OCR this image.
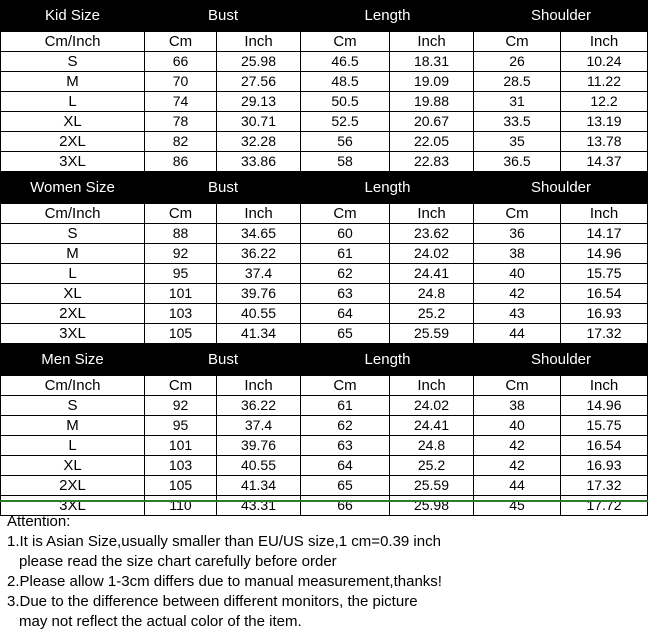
Kid Size	Bust	Length	Shoulder
Cm/Inch	Cm	Inch	Cm	Inch	Cm	Inch
S	66	25.98	46.5	18.31	26	10.24
M	70	27.56	48.5	19.09	28.5	11.22
L	74	29.13	50.5	19.88	31	12.2
XL	78	30.71	52.5	20.67	33.5	13.19
2XL	82	32.28	56	22.05	35	13.78
3XL	86	33.86	58	22.83	36.5	14.37
Women Size	Bust	Length	Shoulder
Cm/Inch	Cm	Inch	Cm	Inch	Cm	Inch
S	88	34.65	60	23.62	36	14.17
M	92	36.22	61	24.02	38	14.96
L	95	37.4	62	24.41	40	15.75
XL	101	39.76	63	24.8	42	16.54
2XL	103	40.55	64	25.2	43	16.93
3XL	105	41.34	65	25.59	44	17.32
Men Size	Bust	Length	Shoulder
Cm/Inch	Cm	Inch	Cm	Inch	Cm	Inch
S	92	36.22	61	24.02	38	14.96
M	95	37.4	62	24.41	40	15.75
L	101	39.76	63	24.8	42	16.54
XL	103	40.55	64	25.2	42	16.93
2XL	105	41.34	65	25.59	44	17.32
3XL	110	43.31	66	25.98	45	17.72
Attention:
1.It is Asian Size,usually smaller than EU/US size,1 cm=0.39 inch
please read the size chart carefully before order
2.Please allow 1-3cm differs due to manual measurement,thanks!
3.Due to the difference between different monitors, the picture
may not reflect the actual color of the item.
